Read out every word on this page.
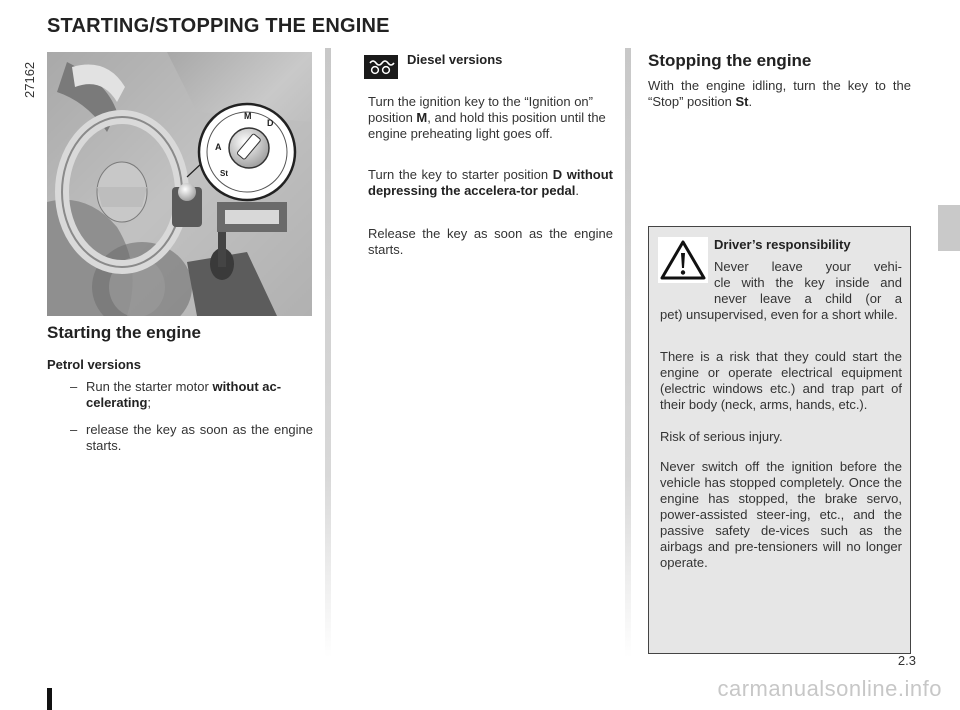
STARTING/STOPPING THE ENGINE
27162
M
D
A
St
Starting the engine

Petrol versions

– Run the starter motor without ac-celerating;
– release the key as soon as the engine starts.

Diesel versions

Turn the ignition key to the “Ignition on” position M, and hold this position until the engine preheating light goes off.

Turn the key to starter position D without depressing the accelera-tor pedal.

Release the key as soon as the engine starts.

Stopping the engine

With the engine idling, turn the key to the “Stop” position St.

Driver’s responsibility

Never leave your vehi-

cle with the key inside and

never leave a child (or a

pet) unsupervised, even for a short while.

There is a risk that they could start the engine or operate electrical equipment (electric windows etc.) and trap part of their body (neck, arms, hands, etc.).

Risk of serious injury.

Never switch off the ignition before the vehicle has stopped completely. Once the engine has stopped, the brake servo, power-assisted steer-ing, etc., and the passive safety de-vices such as the airbags and pre-tensioners will no longer operate.

2.3
carmanualsonline.info
